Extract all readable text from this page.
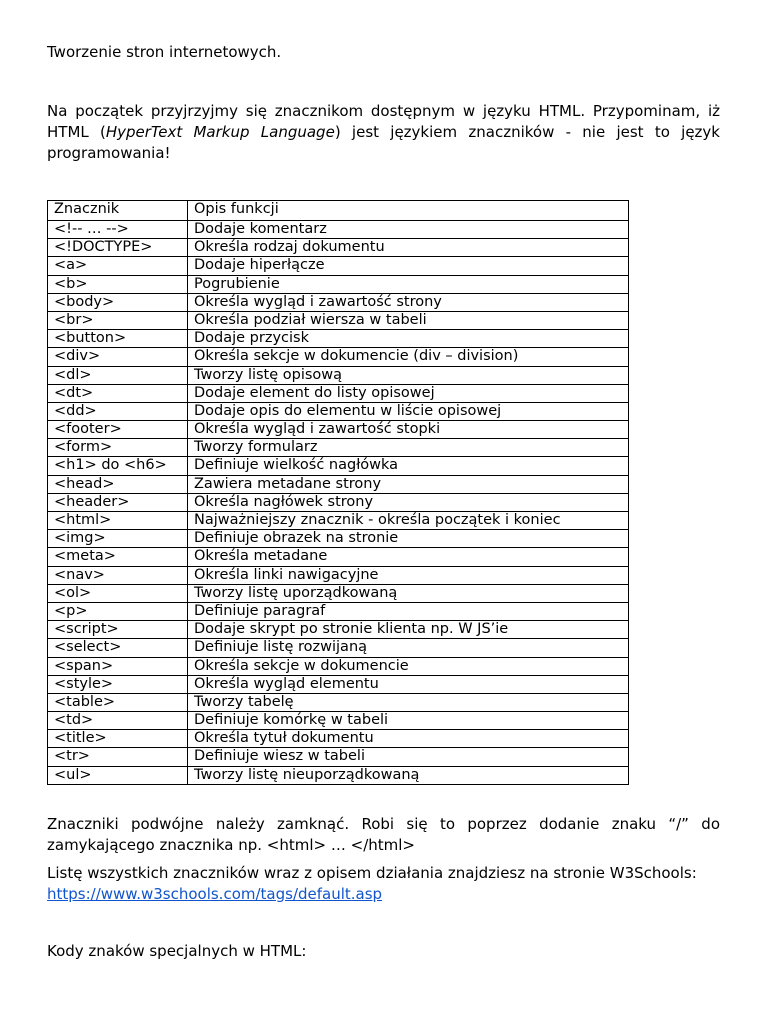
Tworzenie stron internetowych.

Na początek przyjrzyjmy się znacznikom dostępnym w języku HTML. Przypominam, iż HTML (HyperText Markup Language) jest językiem znaczników - nie jest to język programowania!

Znacznik	Opis funkcji
<!-- … -->	Dodaje komentarz
<!DOCTYPE>	Określa rodzaj dokumentu
<a>	Dodaje hiperłącze
<b>	Pogrubienie
<body>	Określa wygląd i zawartość strony
<br>	Określa podział wiersza w tabeli
<button>	Dodaje przycisk
<div>	Określa sekcje w dokumencie (div – division)
<dl>	Tworzy listę opisową
<dt>	Dodaje element do listy opisowej
<dd>	Dodaje opis do elementu w liście opisowej
<footer>	Określa wygląd i zawartość stopki
<form>	Tworzy formularz
<h1> do <h6>	Definiuje wielkość nagłówka
<head>	Zawiera metadane strony
<header>	Określa nagłówek strony
<html>	Najważniejszy znacznik - określa początek i koniec
<img>	Definiuje obrazek na stronie
<meta>	Określa metadane
<nav>	Określa linki nawigacyjne
<ol>	Tworzy listę uporządkowaną
<p>	Definiuje paragraf
<script>	Dodaje skrypt po stronie klienta np. W JS’ie
<select>	Definiuje listę rozwijaną
<span>	Określa sekcje w dokumencie
<style>	Określa wygląd elementu
<table>	Tworzy tabelę
<td>	Definiuje komórkę w tabeli
<title>	Określa tytuł dokumentu
<tr>	Definiuje wiesz w tabeli
<ul>	Tworzy listę nieuporządkowaną

Znaczniki podwójne należy zamknąć. Robi się to poprzez dodanie znaku “/” do zamykającego znacznika np. <html> … </html>

Listę wszystkich znaczników wraz z opisem działania znajdziesz na stronie W3Schools:
https://www.w3schools.com/tags/default.asp

Kody znaków specjalnych w HTML:
